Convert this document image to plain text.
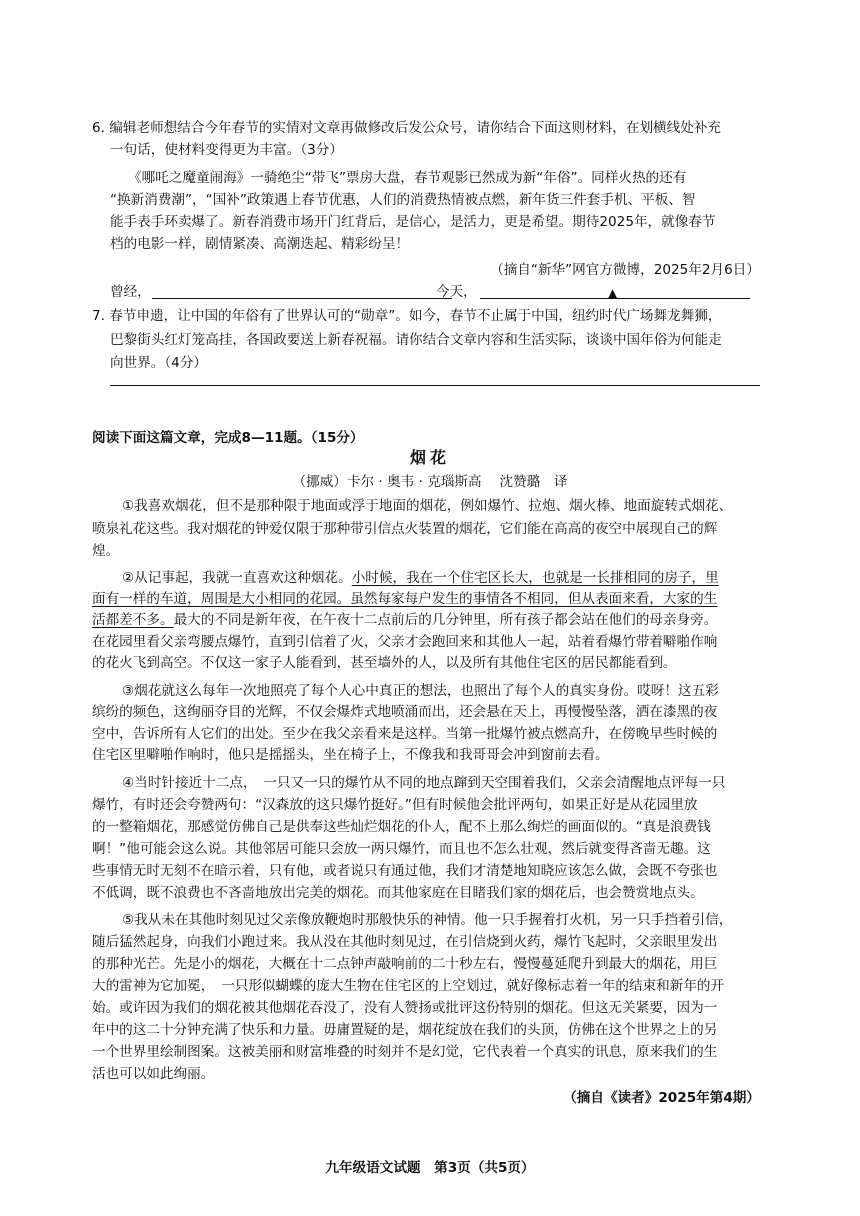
6. 编辑老师想结合今年春节的实情对文章再做修改后发公众号，请你结合下面这则材料，在划横线处补充
一句话，使材料变得更为丰富。（3分）
《哪吒之魔童闹海》一骑绝尘“带飞”票房大盘，春节观影已然成为新“年俗”。同样火热的还有
“换新消费潮”，“国补”政策遇上春节优惠，人们的消费热情被点燃，新年货三件套手机、平板、智
能手表手环卖爆了。新春消费市场开门红背后，是信心，是活力，更是希望。期待2025年，就像春节
档的电影一样，剧情紧凑、高潮迭起、精彩纷呈！
（摘自“新华”网官方微博，2025年2月6日）
曾经，	今天，	▲
7. 春节申遗，让中国的年俗有了世界认可的“勋章”。如今，春节不止属于中国，纽约时代广场舞龙舞狮，
巴黎街头红灯笼高挂，各国政要送上新春祝福。请你结合文章内容和生活实际，谈谈中国年俗为何能走
向世界。（4分）
阅读下面这篇文章，完成8—11题。（15分）
烟花
（挪威）卡尔 · 奥韦 · 克瑙斯高　 沈赞璐　译
①我喜欢烟花，但不是那种限于地面或浮于地面的烟花，例如爆竹、拉炮、烟火棒、地面旋转式烟花、
喷泉礼花这些。我对烟花的钟爱仅限于那种带引信点火装置的烟花，它们能在高高的夜空中展现自己的辉
煌。
②从记事起，我就一直喜欢这种烟花。小时候，我在一个住宅区长大，也就是一长排相同的房子，里
面有一样的车道，周围是大小相同的花园。虽然每家每户发生的事情各不相同，但从表面来看，大家的生
活都差不多。最大的不同是新年夜，在午夜十二点前后的几分钟里，所有孩子都会站在他们的母亲身旁。
在花园里看父亲弯腰点爆竹，直到引信着了火，父亲才会跑回来和其他人一起，站着看爆竹带着噼啪作响
的花火飞到高空。不仅这一家子人能看到，甚至墙外的人，以及所有其他住宅区的居民都能看到。
③烟花就这么每年一次地照亮了每个人心中真正的想法，也照出了每个人的真实身份。哎呀！这五彩
缤纷的频色，这绚丽夺目的光辉，不仅会爆炸式地喷涌而出，还会悬在天上，再慢慢坠落，洒在漆黑的夜
空中，告诉所有人它们的出处。至少在我父亲看来是这样。当第一批爆竹被点燃高升，在傍晚早些时候的
住宅区里噼啪作响时，他只是摇摇头，坐在椅子上，不像我和我哥哥会冲到窗前去看。
④当时针接近十二点，　一只又一只的爆竹从不同的地点蹿到天空围着我们，父亲会清醒地点评每一只
爆竹，有时还会夸赞两句：“汉森放的这只爆竹挺好。”但有时候他会批评两句，如果正好是从花园里放
的一整箱烟花，那感觉仿佛自己是供奉这些灿烂烟花的仆人，配不上那么绚烂的画面似的。“真是浪费钱
啊！”他可能会这么说。其他邻居可能只会放一两只爆竹，而且也不怎么壮观，然后就变得吝啬无趣。这
些事情无时无刻不在暗示着，只有他，或者说只有通过他，我们才清楚地知晓应该怎么做，会既不夸张也
不低调，既不浪费也不吝啬地放出完美的烟花。而其他家庭在目睹我们家的烟花后，也会赞赏地点头。
⑤我从未在其他时刻见过父亲像放鞭炮时那般快乐的神情。他一只手握着打火机，另一只手挡着引信，
随后猛然起身，向我们小跑过来。我从没在其他时刻见过，在引信烧到火药，爆竹飞起时，父亲眼里发出
的那种光芒。先是小的烟花，大概在十二点钟声敲响前的二十秒左右，慢慢蔓延爬升到最大的烟花，用巨
大的雷神为它加冕，　一只形似蝴蝶的庞大生物在住宅区的上空划过，就好像标志着一年的结束和新年的开
始。或许因为我们的烟花被其他烟花吞没了，没有人赞扬或批评这份特别的烟花。但这无关紧要，因为一
年中的这二十分钟充满了快乐和力量。毋庸置疑的是，烟花绽放在我们的头顶，仿佛在这个世界之上的另
一个世界里绘制图案。这被美丽和财富堆叠的时刻并不是幻觉，它代表着一个真实的讯息，原来我们的生
活也可以如此绚丽。
（摘自《读者》2025年第4期）
九年级语文试题　第3页（共5页）
